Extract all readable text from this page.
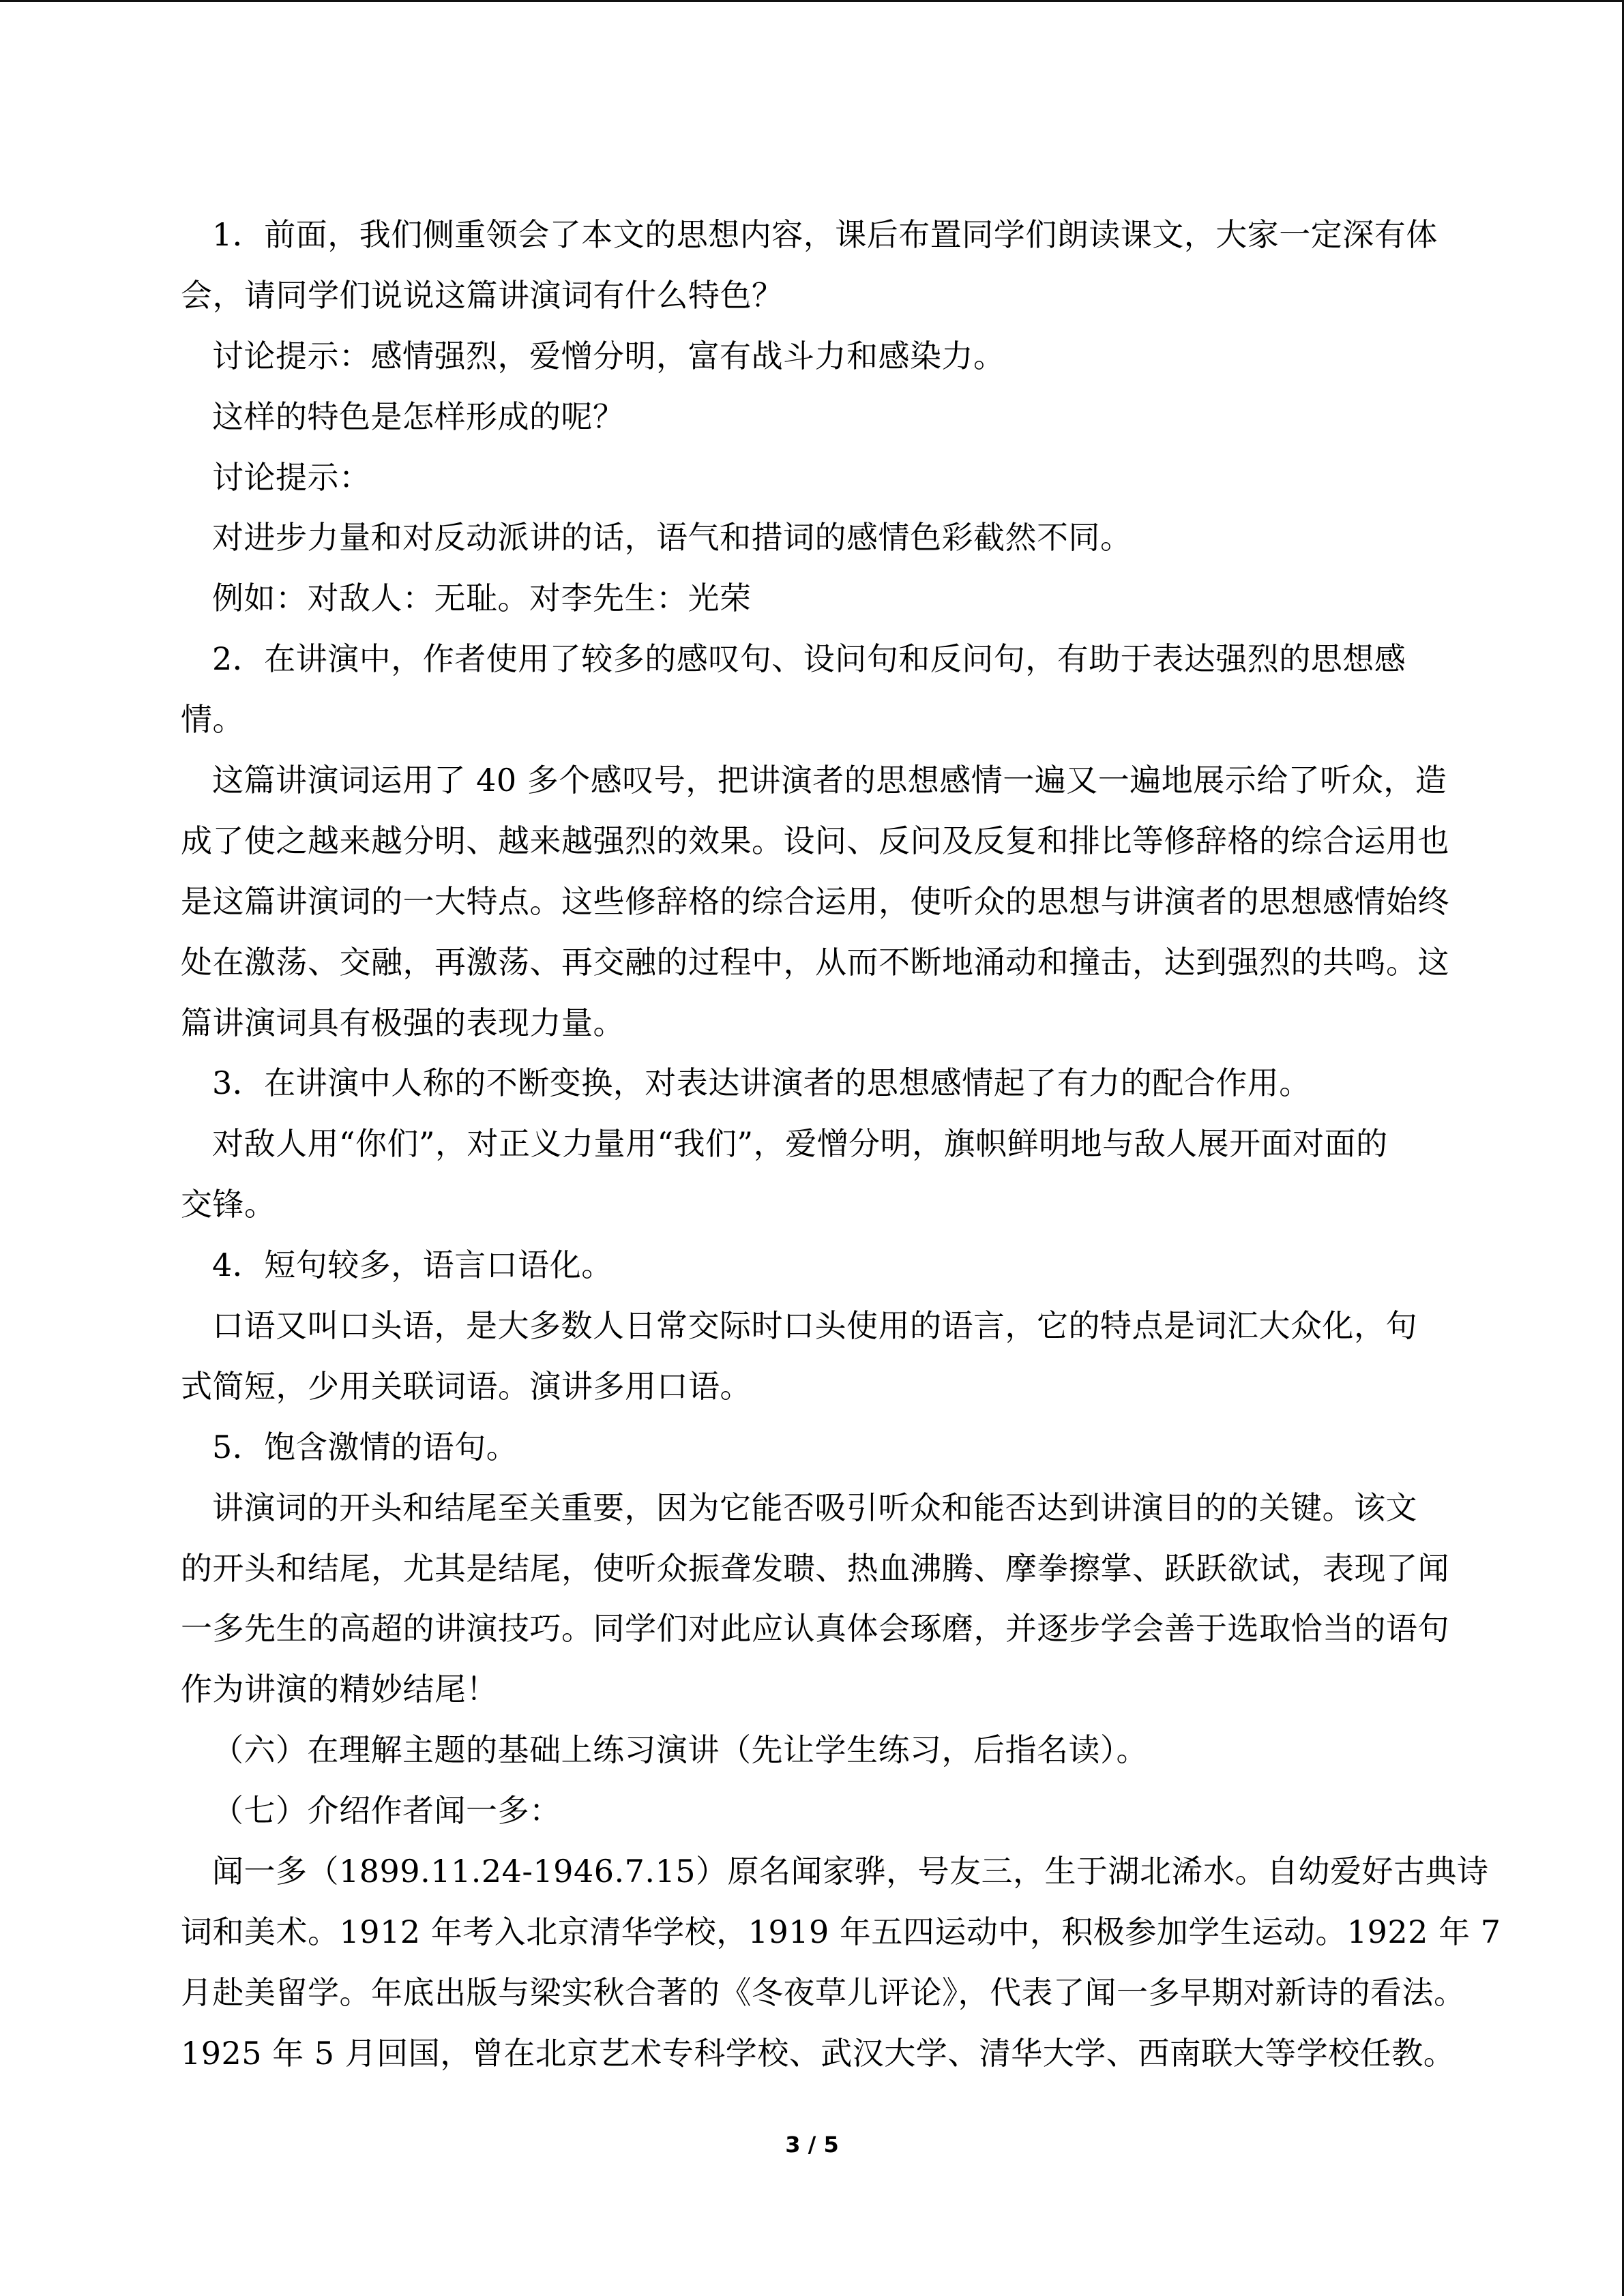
1．前面，我们侧重领会了本文的思想内容，课后布置同学们朗读课文，大家一定深有体

会，请同学们说说这篇讲演词有什么特色？

讨论提示：感情强烈，爱憎分明，富有战斗力和感染力。

这样的特色是怎样形成的呢？

讨论提示：

对进步力量和对反动派讲的话，语气和措词的感情色彩截然不同。

例如：对敌人：无耻。对李先生：光荣

2．在讲演中，作者使用了较多的感叹句、设问句和反问句，有助于表达强烈的思想感

情。

这篇讲演词运用了 40 多个感叹号，把讲演者的思想感情一遍又一遍地展示给了听众，造

成了使之越来越分明、越来越强烈的效果。设问、反问及反复和排比等修辞格的综合运用也

是这篇讲演词的一大特点。这些修辞格的综合运用，使听众的思想与讲演者的思想感情始终

处在激荡、交融，再激荡、再交融的过程中，从而不断地涌动和撞击，达到强烈的共鸣。这

篇讲演词具有极强的表现力量。

3．在讲演中人称的不断变换，对表达讲演者的思想感情起了有力的配合作用。

对敌人用“你们”，对正义力量用“我们”，爱憎分明，旗帜鲜明地与敌人展开面对面的

交锋。

4．短句较多，语言口语化。

口语又叫口头语，是大多数人日常交际时口头使用的语言，它的特点是词汇大众化，句

式简短，少用关联词语。演讲多用口语。

5．饱含激情的语句。

讲演词的开头和结尾至关重要，因为它能否吸引听众和能否达到讲演目的的关键。该文

的开头和结尾，尤其是结尾，使听众振聋发聩、热血沸腾、摩拳擦掌、跃跃欲试，表现了闻

一多先生的高超的讲演技巧。同学们对此应认真体会琢磨，并逐步学会善于选取恰当的语句

作为讲演的精妙结尾！

（六）在理解主题的基础上练习演讲（先让学生练习，后指名读）。

（七）介绍作者闻一多：

闻一多（1899.11.24-1946.7.15）原名闻家骅，号友三，生于湖北浠水。自幼爱好古典诗

词和美术。1912 年考入北京清华学校，1919 年五四运动中，积极参加学生运动。1922 年 7

月赴美留学。年底出版与梁实秋合著的《冬夜草儿评论》，代表了闻一多早期对新诗的看法。

1925 年 5 月回国，曾在北京艺术专科学校、武汉大学、清华大学、西南联大等学校任教。

3 / 5
